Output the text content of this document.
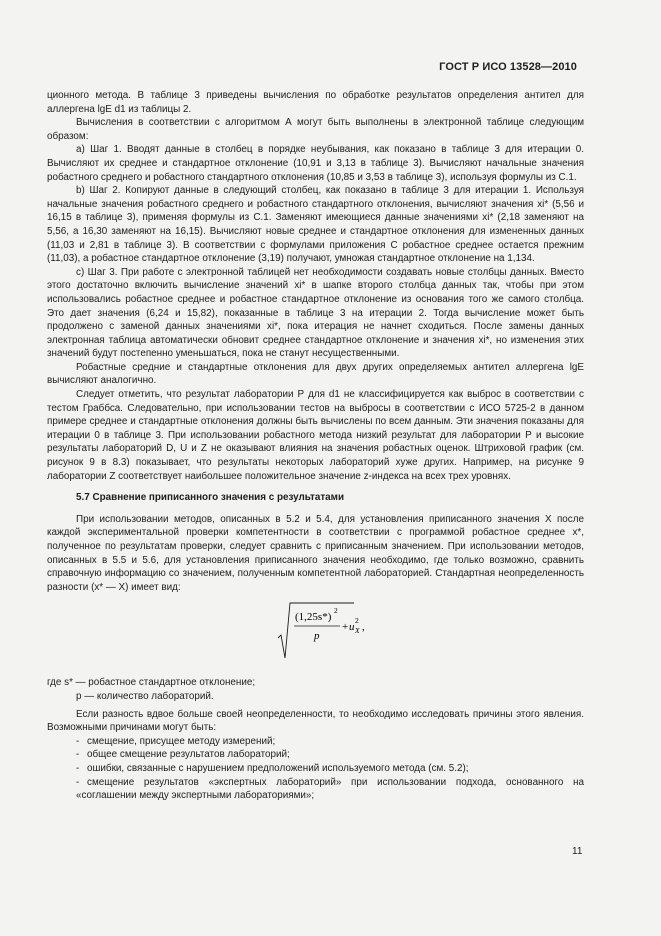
ГОСТ Р ИСО 13528—2010

ционного метода. В таблице 3 приведены вычисления по обработке результатов определения антител для аллергена lgE d1 из таблицы 2.

Вычисления в соответствии с алгоритмом А могут быть выполнены в электронной таблице следующим образом:

a) Шаг 1. Вводят данные в столбец в порядке неубывания, как показано в таблице 3 для итерации 0. Вычисляют их среднее и стандартное отклонение (10,91 и 3,13 в таблице 3). Вычисляют начальные значения робастного среднего и робастного стандартного отклонения (10,85 и 3,53 в таблице 3), используя формулы из С.1.

b) Шаг 2. Копируют данные в следующий столбец, как показано в таблице 3 для итерации 1. Используя начальные значения робастного среднего и робастного стандартного отклонения, вычисляют значения xi* (5,56 и 16,15 в таблице 3), применяя формулы из С.1. Заменяют имеющиеся данные значениями xi* (2,18 заменяют на 5,56, а 16,30 заменяют на 16,15). Вычисляют новые среднее и стандартное отклонения для измененных данных (11,03 и 2,81 в таблице 3). В соответствии с формулами приложения С робастное среднее остается прежним (11,03), а робастное стандартное отклонение (3,19) получают, умножая стандартное отклонение на 1,134.

c) Шаг 3. При работе с электронной таблицей нет необходимости создавать новые столбцы данных. Вместо этого достаточно включить вычисление значений xi* в шапке второго столбца данных так, чтобы при этом использовались робастное среднее и робастное стандартное отклонение из основания того же самого столбца. Это дает значения (6,24 и 15,82), показанные в таблице 3 на итерации 2. Тогда вычисление может быть продолжено с заменой данных значениями xi*, пока итерация не начнет сходиться. После замены данных электронная таблица автоматически обновит среднее стандартное отклонение и значения xi*, но изменения этих значений будут постепенно уменьшаться, пока не станут несущественными.

Робастные средние и стандартные отклонения для двух других определяемых антител аллергена lgE вычисляют аналогично.

Следует отметить, что результат лаборатории Р для d1 не классифицируется как выброс в соответствии с тестом Граббса. Следовательно, при использовании тестов на выбросы в соответствии с ИСО 5725-2 в данном примере среднее и стандартные отклонения должны быть вычислены по всем данным. Эти значения показаны для итерации 0 в таблице 3. При использовании робастного метода низкий результат для лаборатории Р и высокие результаты лабораторий D, U и Z не оказывают влияния на значения робастных оценок. Штриховой график (см. рисунок 9 в 8.3) показывает, что результаты некоторых лабораторий хуже других. Например, на рисунке 9 лаборатории Z соответствует наибольшее положительное значение z-индекса на всех трех уровнях.

5.7 Сравнение приписанного значения с результатами

При использовании методов, описанных в 5.2 и 5.4, для установления приписанного значения X после каждой экспериментальной проверки компетентности в соответствии с программой робастное среднее x*, полученное по результатам проверки, следует сравнить с приписанным значением. При использовании методов, описанных в 5.5 и 5.6, для установления приписанного значения необходимо, где только возможно, сравнить справочную информацию со значением, полученным компетентной лабораторией. Стандартная неопределенность разности (x* — X) имеет вид:

(1,25s*)
2
p
+ u
2
X ,

где s* — робастное стандартное отклонение;

p — количество лабораторий.

Если разность вдвое больше своей неопределенности, то необходимо исследовать причины этого явления. Возможными причинами могут быть:

- смещение, присущее методу измерений;

- общее смещение результатов лабораторий;

- ошибки, связанные с нарушением предположений используемого метода (см. 5.2);

- смещение результатов «экспертных лабораторий» при использовании подхода, основанного на «соглашении между экспертными лабораториями»;

11
